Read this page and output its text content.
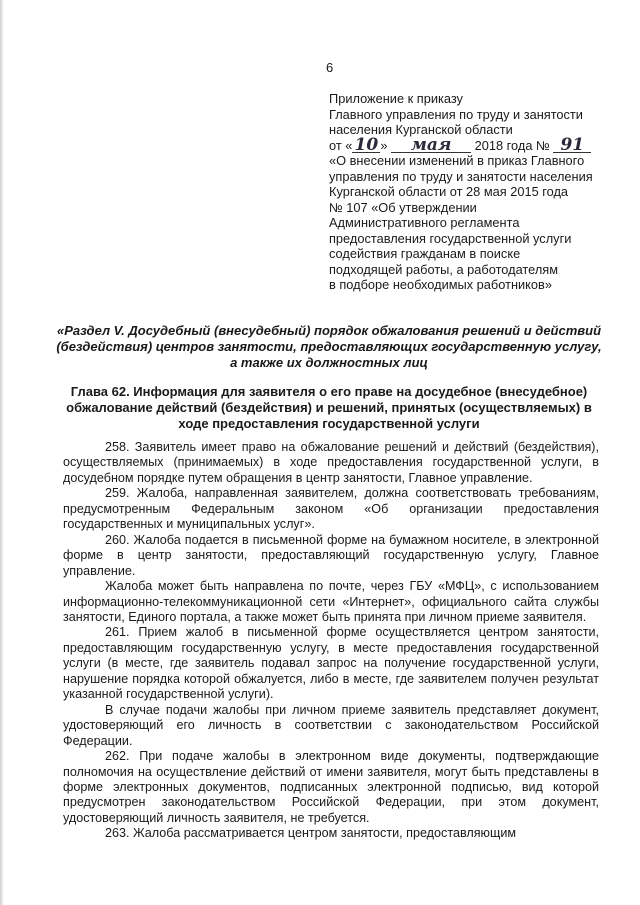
6
Приложение к приказу
Главного управления по труду и занятости
населения Курганской области
от « 10 » мая 2018 года № 91
«О внесении изменений в приказ Главного
управления по труду и занятости населения
Курганской области от 28 мая 2015 года
№ 107 «Об утверждении
Административного регламента
предоставления государственной услуги
содействия гражданам в поиске
подходящей работы, а работодателям
в подборе необходимых работников»
«Раздел V. Досудебный (внесудебный) порядок обжалования решений и действий (бездействия) центров занятости, предоставляющих государственную услугу, а также их должностных лиц
Глава 62. Информация для заявителя о его праве на досудебное (внесудебное) обжалование действий (бездействия) и решений, принятых (осуществляемых) в ходе предоставления государственной услуги

258. Заявитель имеет право на обжалование решений и действий (бездействия), осуществляемых (принимаемых) в ходе предоставления государственной услуги, в досудебном порядке путем обращения в центр занятости, Главное управление.

259. Жалоба, направленная заявителем, должна соответствовать требованиям, предусмотренным Федеральным законом «Об организации предоставления государственных и муниципальных услуг».

260. Жалоба подается в письменной форме на бумажном носителе, в электронной форме в центр занятости, предоставляющий государственную услугу, Главное управление.

Жалоба может быть направлена по почте, через ГБУ «МФЦ», с использованием информационно-телекоммуникационной сети «Интернет», официального сайта службы занятости, Единого портала, а также может быть принята при личном приеме заявителя.

261. Прием жалоб в письменной форме осуществляется центром занятости, предоставляющим государственную услугу, в месте предоставления государственной услуги (в месте, где заявитель подавал запрос на получение государственной услуги, нарушение порядка которой обжалуется, либо в месте, где заявителем получен результат указанной государственной услуги).

В случае подачи жалобы при личном приеме заявитель представляет документ, удостоверяющий его личность в соответствии с законодательством Российской Федерации.

262. При подаче жалобы в электронном виде документы, подтверждающие полномочия на осуществление действий от имени заявителя, могут быть представлены в форме электронных документов, подписанных электронной подписью, вид которой предусмотрен законодательством Российской Федерации, при этом документ, удостоверяющий личность заявителя, не требуется.

263. Жалоба рассматривается центром занятости, предоставляющим
